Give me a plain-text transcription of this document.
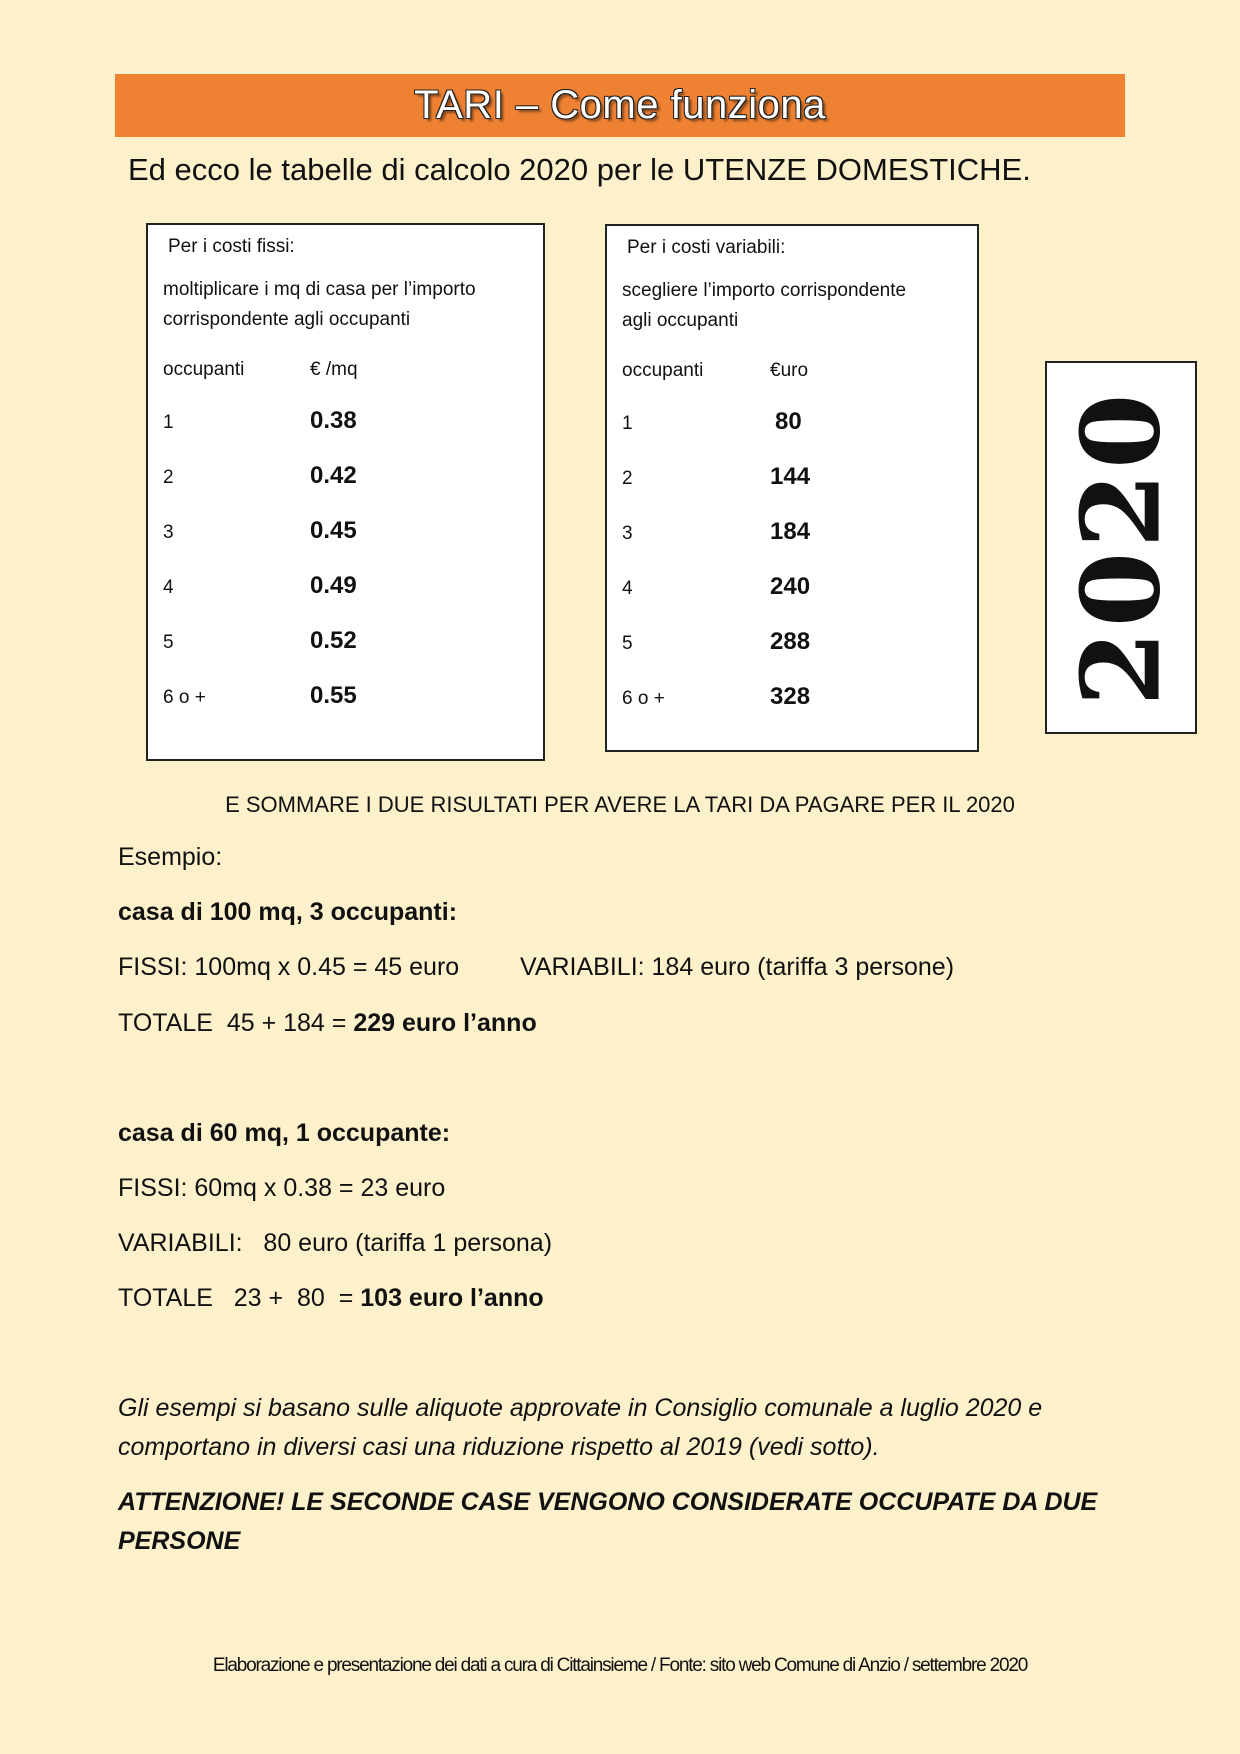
TARI – Come funziona
Ed ecco le tabelle di calcolo 2020 per le UTENZE DOMESTICHE.
Per i costi fissi:
moltiplicare i mq di casa per l’importo
corrispondente agli occupanti
occupanti	€ /mq
1	0.38
2	0.42
3	0.45
4	0.49
5	0.52
6 o +	0.55
Per i costi variabili:
scegliere l’importo corrispondente
agli occupanti
occupanti	€uro
1	80
2	144
3	184
4	240
5	288
6 o +	328 2020
E SOMMARE I DUE RISULTATI PER AVERE LA TARI DA PAGARE PER IL 2020
Esempio:
casa di 100 mq, 3 occupanti:
FISSI: 100mq x 0.45 = 45 euro VARIABILI: 184 euro (tariffa 3 persone)
TOTALE  45 + 184 = 229 euro l’anno
casa di 60 mq, 1 occupante:
FISSI: 60mq x 0.38 = 23 euro
VARIABILI:   80 euro (tariffa 1 persona)
TOTALE   23 +  80  = 103 euro l’anno
Gli esempi si basano sulle aliquote approvate in Consiglio comunale a luglio 2020 e comportano in diversi casi una riduzione rispetto al 2019 (vedi sotto).
ATTENZIONE! LE SECONDE CASE VENGONO CONSIDERATE OCCUPATE DA DUE PERSONE
Elaborazione e presentazione dei dati a cura di Cittainsieme / Fonte: sito web Comune di Anzio / settembre 2020
